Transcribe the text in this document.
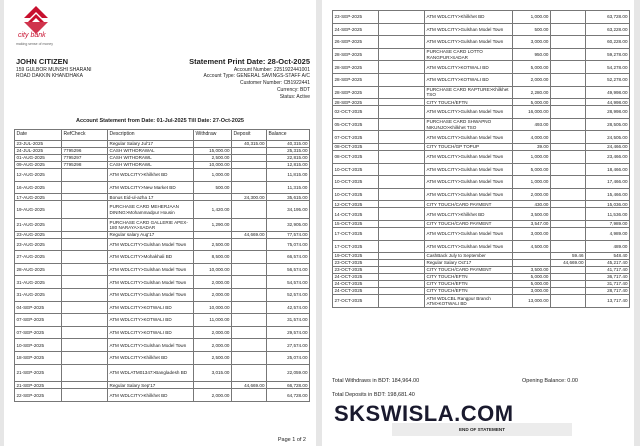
city bank
making sense of money
JOHN CITIZEN
159 GULBOR MUNSHI SHARANI
ROAD DAKKIN KHANDHAKA
Statement Print Date: 28-Oct-2025
Account Number: 2251922441001
Account Type: GENERAL SAVINGS-STAFF A/C
Customer Number: CB1922441
Currency: BDT
Status: Active
Account Statement from Date: 01-Jul-2025 Till Date: 27-Oct-2025
Date	RefCheck	Description	Withdraw	Deposit	Balance
23-JUL-2025		Regular Salary Jul'17		40,315.00	40,315.00
24-JUL-2025	7795296	CASH WITHDRAWAL	15,000.00		25,315.00
01-AUG-2025	7795297	CASH WITHDRAWL	2,500.00		22,815.00
09-AUG-2025	7795298	CASH WITHDRAWL	10,000.00		12,815.00
12-AUG-2025		ATM WDLCITY>Khilkhet BD	1,000.00		11,815.00
16-AUG-2025		ATM WDLCITY>New Market BD	500.00		11,315.00
17-AUG-2025		Bonus Eid-ul-azha 17		24,300.00	35,615.00
19-AUG-2025		PURCHASE CARD MEHERJAAN DINING>Mohammadpur Housin	1,420.00		34,195.00
21-AUG-2025		PURCHASE CARD GALLERIE APEX-180 NARAYA>SADAR	1,290.00		32,905.00
23-AUG-2025		Regular salary Aug'17		44,669.00	77,574.00
23-AUG-2025		ATM WDLCITY>Gulshan Model Town	2,500.00		75,074.00
27-AUG-2025		ATM WDLCITY>Mohakhali BD	8,500.00		66,574.00
28-AUG-2025		ATM WDLCITY>Gulshan Model Town	10,000.00		56,574.00
31-AUG-2025		ATM WDLCITY>Gulshan Model Town	2,000.00		54,574.00
31-AUG-2025		ATM WDLCITY>Gulshan Model Town	2,000.00		52,574.00
04-SEP-2025		ATM WDLCITY>KOTWALI BD	10,000.00		42,574.00
07-SEP-2025		ATM WDLCITY>KOTWALI BD	11,000.00		31,574.00
07-SEP-2025		ATM WDLCITY>KOTWALI BD	2,000.00		29,574.00
10-SEP-2025		ATM WDLCITY>Gulshan Model Town	2,000.00		27,574.00
18-SEP-2025		ATM WDLCITY>Khilkhet BD	2,500.00		25,074.00
21-SEP-2025		ATM WDLATM01347>Bangladesh BD	3,015.00		22,059.00
21-SEP-2025		Regular Salary Sep'17		44,669.00	66,728.00
22-SEP-2025		ATM WDLCITY>Khilkhet BD	2,000.00		64,728.00
Page 1 of 2
23-SEP-2025		ATM WDLCITY>Khilkhet BD	1,000.00		63,728.00
24-SEP-2025		ATM WDLCITY>Gulshan Model Town	500.00		63,228.00
26-SEP-2025		ATM WDLCITY>Gulshan Model Town	3,000.00		60,228.00
28-SEP-2025		PURCHASE CARD LOTTO RANGPUR>SADAR	950.00		59,278.00
28-SEP-2025		ATM WDLCITY>KOTWALI BD	5,000.00		54,278.00
28-SEP-2025		ATM WDLCITY>KOTWALI BD	2,000.00		52,278.00
28-SEP-2025		PURCHASE CARD RAPTURE>Khilkhet TSO	2,280.00		49,998.00
28-SEP-2025		CITY TOUCH/EFTN	5,000.00		44,998.00
02-OCT-2025		ATM WDLCITY>Gulshan Model Town	16,000.00		28,998.00
05-OCT-2025		PURCHASE CARD SHWAPNO NIKUNJO>Khilkhet TSO	493.00		28,505.00
07-OCT-2025		ATM WDLCITY>Gulshan Model Town	4,000.00		24,505.00
08-OCT-2025		CITY TOUCH/GP TOPUP	39.00		24,466.00
08-OCT-2025		ATM WDLCITY>Gulshan Model Town	1,000.00		23,466.00
10-OCT-2025		ATM WDLCITY>Gulshan Model Town	5,000.00		18,466.00
10-OCT-2025		ATM WDLCITY>Gulshan Model Town	1,000.00		17,466.00
10-OCT-2025		ATM WDLCITY>Gulshan Model Town	2,000.00		15,466.00
12-OCT-2025		CITY TOUCH/CARD PAYMENT	430.00		15,036.00
14-OCT-2025		ATM WDLCITY>Khilkhet BD	3,500.00		11,536.00
15-OCT-2025		CITY TOUCH/CARD PAYMENT	3,547.00		7,989.00
17-OCT-2025		ATM WDLCITY>Gulshan Model Town	3,000.00		4,989.00
17-OCT-2025		ATM WDLCITY>Gulshan Model Town	4,500.00		489.00
19-OCT-2025		CashBack July to September		59.46	548.40
23-OCT-2025		Regular Salary Oct'17		44,669.00	45,217.40
23-OCT-2025		CITY TOUCH/CARD PAYMENT	3,500.00		41,717.40
24-OCT-2025		CITY TOUCH/EFTN	5,000.00		36,717.40
24-OCT-2025		CITY TOUCH/EFTN	5,000.00		31,717.40
24-OCT-2025		CITY TOUCH/EFTN	3,000.00		28,717.40
27-OCT-2025		ATM WDLCBL Rangpur Branch ATM>KOTWALI BD	13,000.00		13,717.40
Total Withdraws in BDT: 184,964.00	Opening Balance: 0.00
Total Deposits in BDT: 198,681.40
END OF STATEMENT
SKSWISLA.COM
